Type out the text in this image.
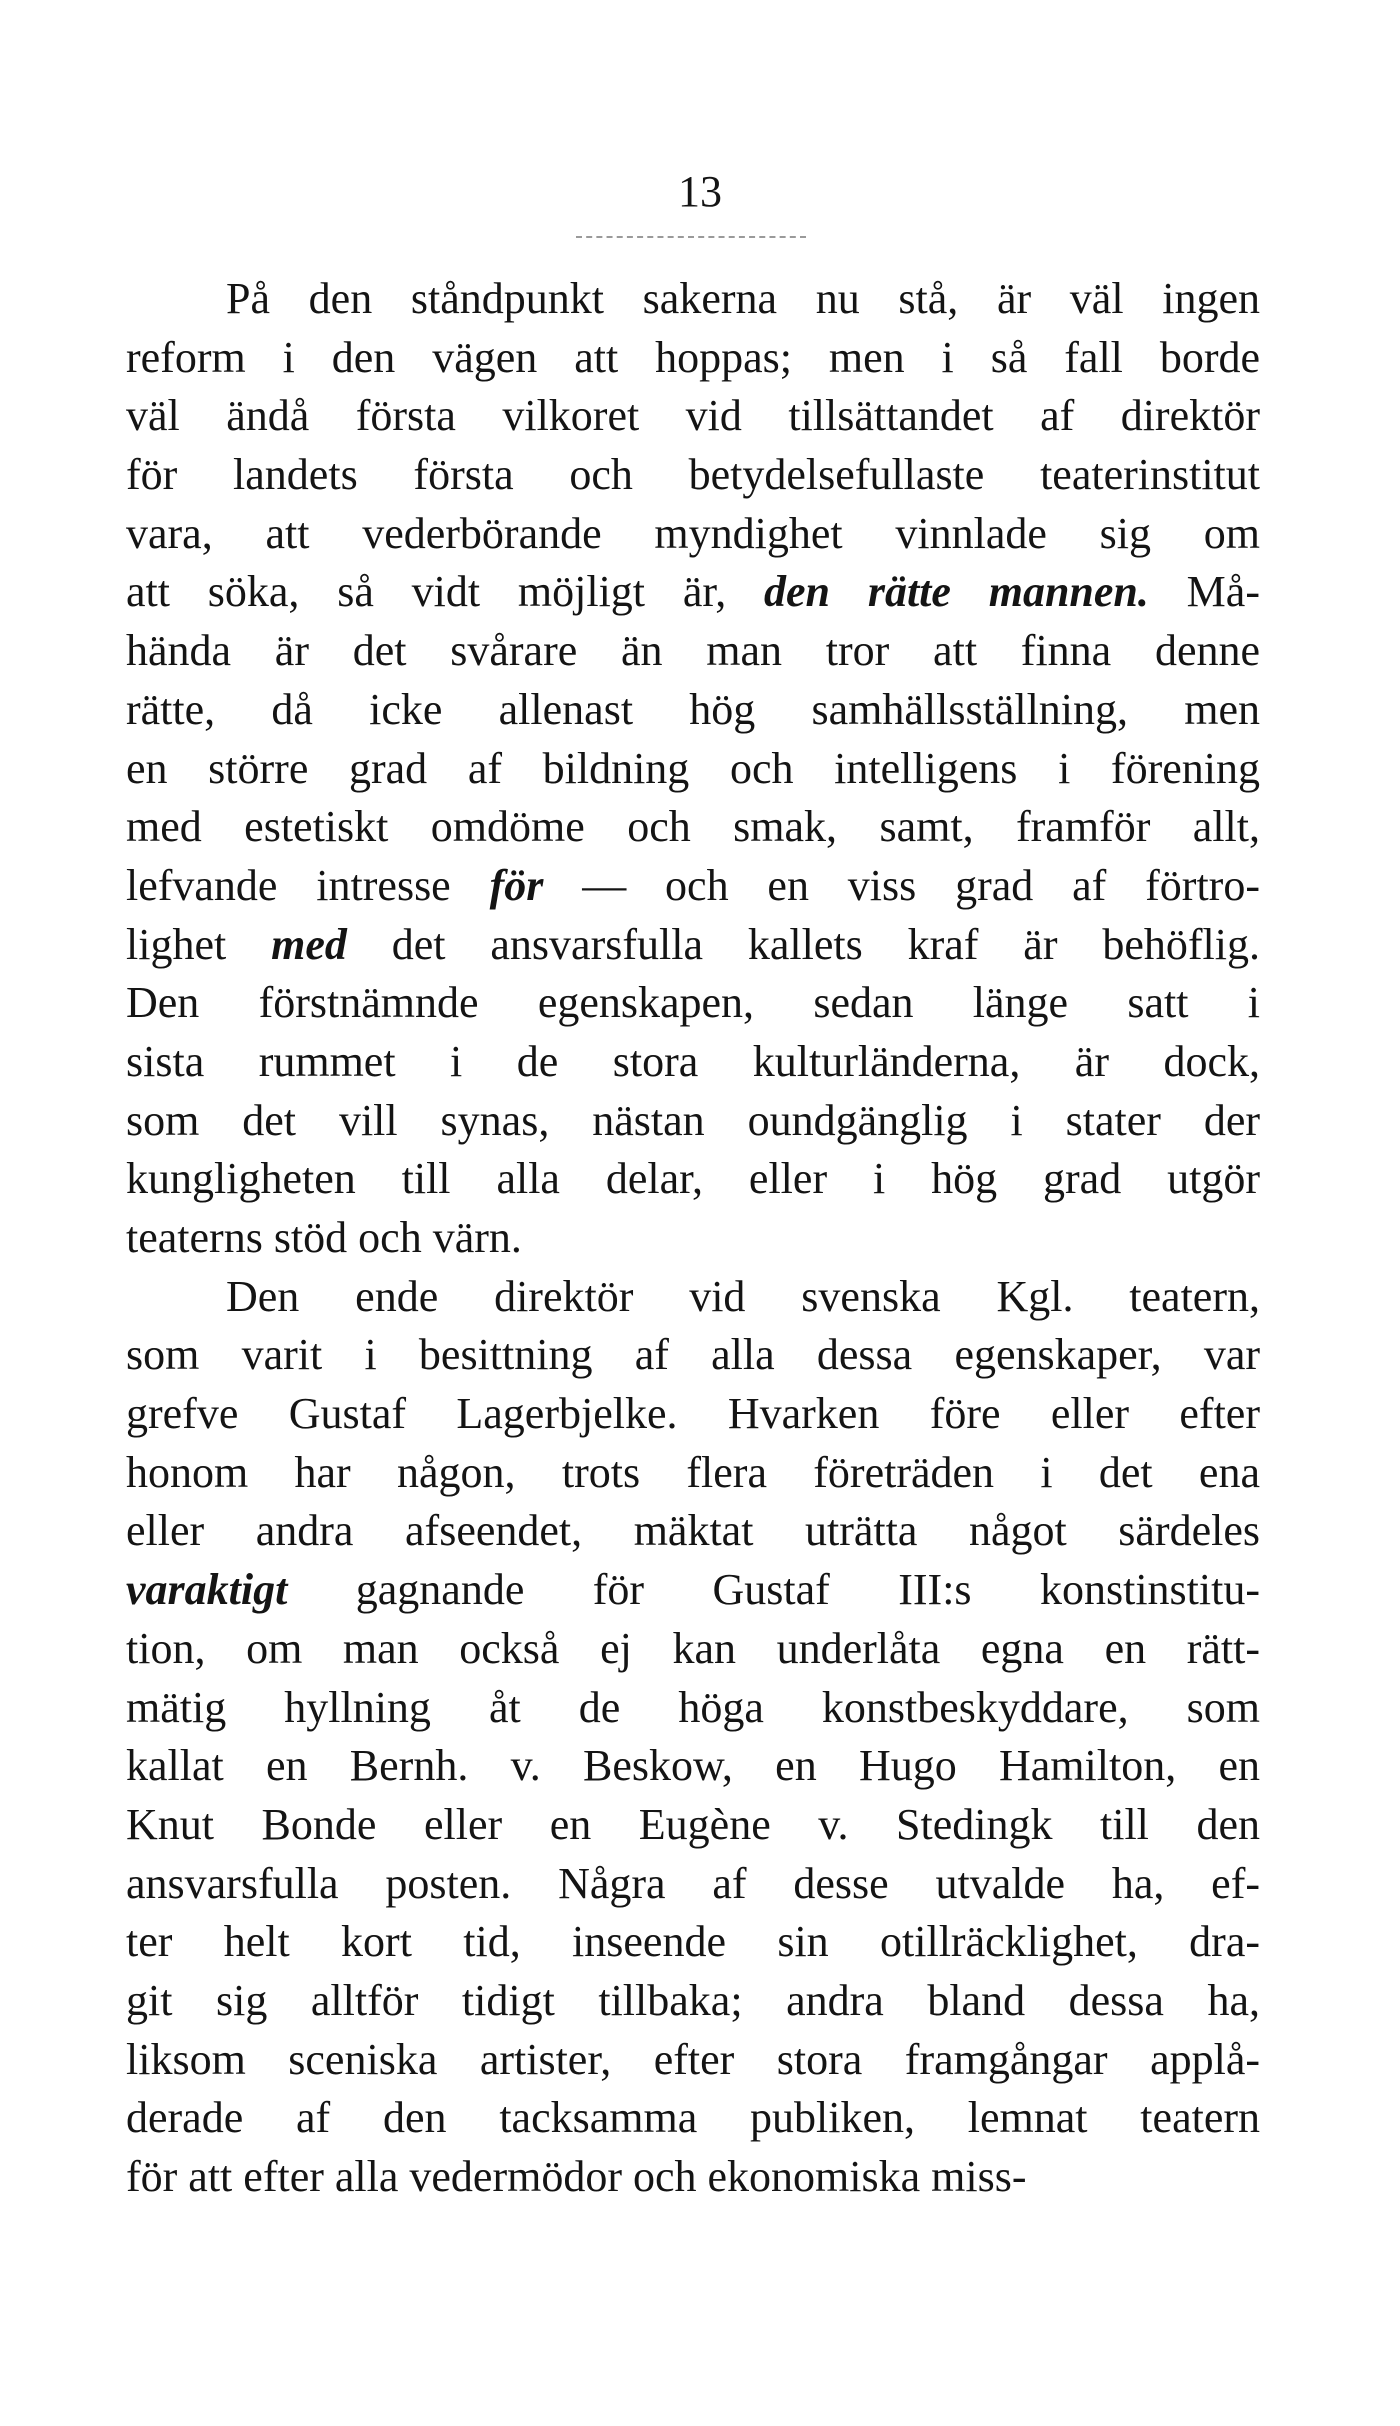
13
På den ståndpunkt sakerna nu stå, är väl ingen
reform i den vägen att hoppas; men i så fall borde
väl ändå första vilkoret vid tillsättandet af direktör
för landets första och betydelsefullaste teaterinstitut
vara, att vederbörande myndighet vinnlade sig om
att söka, så vidt möjligt är, den rätte mannen. Må-
hända är det svårare än man tror att finna denne
rätte, då icke allenast hög samhällsställning, men
en större grad af bildning och intelligens i förening
med estetiskt omdöme och smak, samt, framför allt,
lefvande intresse för — och en viss grad af förtro-
lighet med det ansvarsfulla kallets kraf är behöflig.
Den förstnämnde egenskapen, sedan länge satt i
sista rummet i de stora kulturländerna, är dock,
som det vill synas, nästan oundgänglig i stater der
kungligheten till alla delar, eller i hög grad utgör
teaterns stöd och värn.
Den ende direktör vid svenska Kgl. teatern,
som varit i besittning af alla dessa egenskaper, var
grefve Gustaf Lagerbjelke. Hvarken före eller efter
honom har någon, trots flera företräden i det ena
eller andra afseendet, mäktat uträtta något särdeles
varaktigt gagnande för Gustaf III:s konstinstitu-
tion, om man också ej kan underlåta egna en rätt-
mätig hyllning åt de höga konstbeskyddare, som
kallat en Bernh. v. Beskow, en Hugo Hamilton, en
Knut Bonde eller en Eugène v. Stedingk till den
ansvarsfulla posten. Några af desse utvalde ha, ef-
ter helt kort tid, inseende sin otillräcklighet, dra-
git sig alltför tidigt tillbaka; andra bland dessa ha,
liksom sceniska artister, efter stora framgångar applå-
derade af den tacksamma publiken, lemnat teatern
för att efter alla vedermödor och ekonomiska miss-
